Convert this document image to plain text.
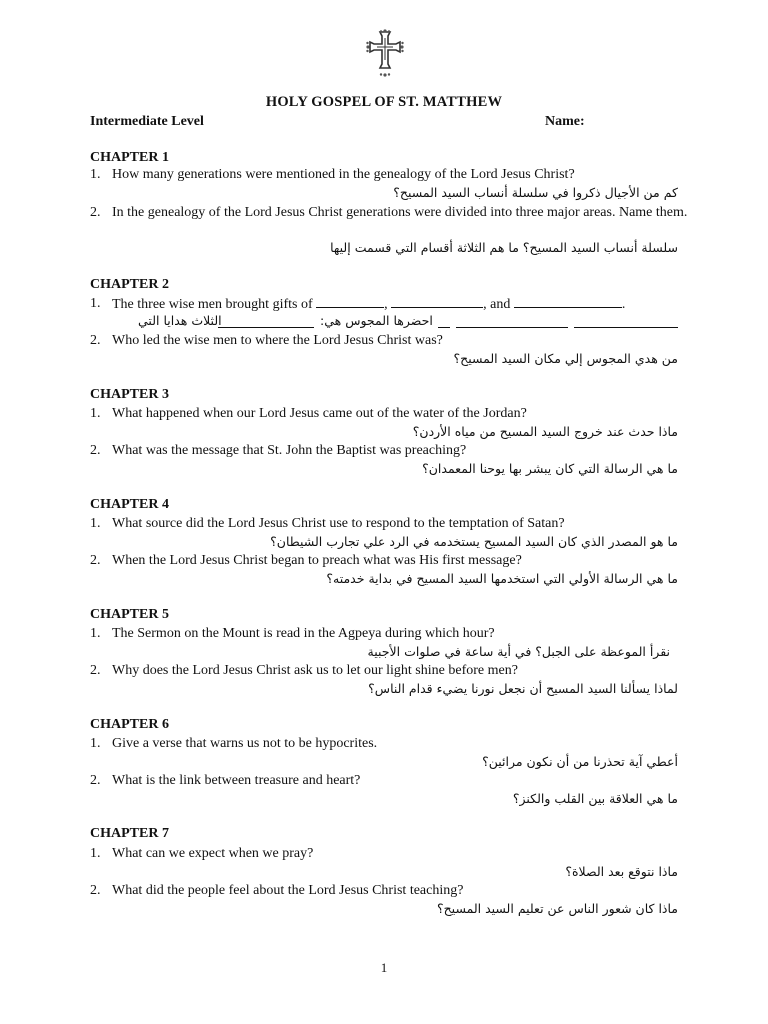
HOLY GOSPEL OF ST. MATTHEW
Intermediate Level	Name:
CHAPTER 1
1. How many generations were mentioned in the genealogy of the Lord Jesus Christ?
كم من الأجيال ذكروا في سلسلة أنساب السيد المسيح؟
2. In the genealogy of the Lord Jesus Christ generations were divided into three major areas. Name them.
سلسلة أنساب السيد المسيح؟ ما هم الثلاثة أقسام التي قسمت إليها
CHAPTER 2
1. The three wise men brought gifts of	,	, and	.
الثلاث هدايا التي	احضرها المجوس هي:
2. Who led the wise men to where the Lord Jesus Christ was?
من هدي المجوس إلي مكان السيد المسيح؟
CHAPTER 3
1. What happened when our Lord Jesus came out of the water of the Jordan?
ماذا حدث عند خروج السيد المسيح من مياه الأردن؟
2. What was the message that St. John the Baptist was preaching?
ما هي الرسالة التي كان يبشر بها يوحنا المعمدان؟
CHAPTER 4
1. What source did the Lord Jesus Christ use to respond to the temptation of Satan?
ما هو المصدر الذي كان السيد المسيح يستخدمه في الرد علي تجارب الشيطان؟
2. When the Lord Jesus Christ began to preach what was His first message?
ما هي الرسالة الأولي التي استخدمها السيد المسيح في بداية خدمته؟
CHAPTER 5
1. The Sermon on the Mount is read in the Agpeya during which hour?
نقرأ الموعظة على الجبل؟ في أية ساعة في صلوات الأجبية
2. Why does the Lord Jesus Christ ask us to let our light shine before men?
لماذا يسألنا السيد المسيح أن نجعل نورنا يضيء قدام الناس؟
CHAPTER 6
1. Give a verse that warns us not to be hypocrites.
أعطي آية تحذرنا من أن نكون مرائين؟
2. What is the link between treasure and heart?
ما هي العلاقة بين القلب والكنز؟
CHAPTER 7
1. What can we expect when we pray?
ماذا نتوقع بعد الصلاة؟
2. What did the people feel about the Lord Jesus Christ teaching?
ماذا كان شعور الناس عن تعليم السيد المسيح؟
1
